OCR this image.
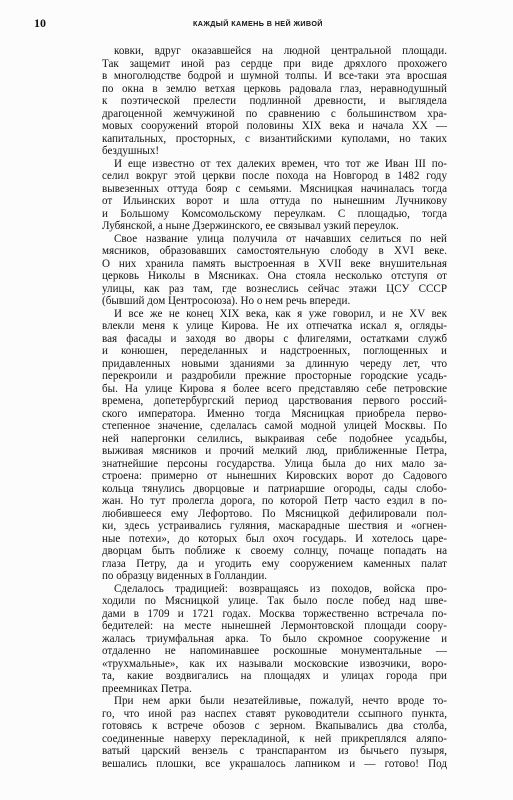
10	КАЖДЫЙ КАМЕНЬ В НЕЙ ЖИВОЙ
ковки, вдруг оказавшейся на людной центральной площади.
Так защемит иной раз сердце при виде дряхлого прохожего
в многолюдстве бодрой и шумной толпы. И все-таки эта вросшая
по окна в землю ветхая церковь радовала глаз, неравнодушный
к поэтической прелести подлинной древности, и выглядела
драгоценной жемчужиной по сравнению с большинством хра-
мовых сооружений второй половины XIX века и начала XX —
капитальных, просторных, с византийскими куполами, но таких
бездушных!
И еще известно от тех далеких времен, что тот же Иван III по-
селил вокруг этой церкви после похода на Новгород в 1482 году
вывезенных оттуда бояр с семьями. Мясницкая начиналась тогда
от Ильинских ворот и шла оттуда по нынешним Лучниковy
и Большому Комсомольскому переулкам. С площадью, тогда
Лубянской, а ныне Дзержинского, ее связывал узкий переулок.
Свое название улица получила от начавших селиться по ней
мясников, образовавших самостоятельную слободу в XVI веке.
О них хранила память выстроенная в XVII веке внушительная
церковь Николы в Мясниках. Она стояла несколько отступя от
улицы, как раз там, где вознеслись сейчас этажи ЦСУ СССР
(бывший дом Центросоюза). Но о нем речь впереди.
И все же не конец XIX века, как я уже говорил, и не XV век
влекли меня к улице Кирова. Не их отпечатка искал я, огляды-
вая фасады и заходя во дворы с флигелями, остатками служб
и конюшен, переделанных и надстроенных, поглощенных и
придавленных новыми зданиями за длинную череду лет, что
перекроили и раздробили прежние просторные городские усадь-
бы. На улице Кирова я более всего представляю себе петровские
времена, допетербургский период царствования первого россий-
ского императора. Именно тогда Мясницкая приобрела перво-
степенное значение, сделалась самой модной улицей Москвы. По
ней напергонки селились, выкраивая себе подобнее усадьбы,
выживая мясников и прочий мелкий люд, приближенные Петра,
знатнейшие персоны государства. Улица была до них мало за-
строена: примерно от нынешних Кировских ворот до Садового
кольца тянулись дворцовые и патриаршие огороды, сады слобо-
жан. Но тут пролегла дорога, по которой Петр часто ездил в по-
любившееся ему Лефортово. По Мясницкой дефилировали пол-
ки, здесь устраивались гуляния, маскарадные шествия и «огнен-
ные потехи», до которых был охоч государь. И хотелось царе-
дворцам быть поближе к своему солнцу, почаще попадать на
глаза Петру, да и угодить ему сооружением каменных палат
по образцу виденных в Голландии.
Сделалось традицией: возвращаясь из походов, войска про-
ходили по Мясницкой улице. Так было после побед над шве-
дами в 1709 и 1721 годах. Москва торжественно встречала по-
бедителей: на месте нынешней Лермонтовской площади соору-
жалась триумфальная арка. То было скромное сооружение и
отдаленно не напоминавшее роскошные монументальные —
«трухмальные», как их называли московские извозчики, воро-
та, какие воздвигались на площадях и улицах города при
преемниках Петра.
При нем арки были незатейливые, пожалуй, нечто вроде то-
го, что иной раз наспех ставят руководители ссыпного пункта,
готовясь к встрече обозов с зерном. Вкапывались два столба,
соединенные наверху перекладиной, к ней прикреплялся аляпо-
ватый царский вензель с транспарантом из бычьего пузыря,
вешались плошки, все украшалось лапником и — готово! Под
